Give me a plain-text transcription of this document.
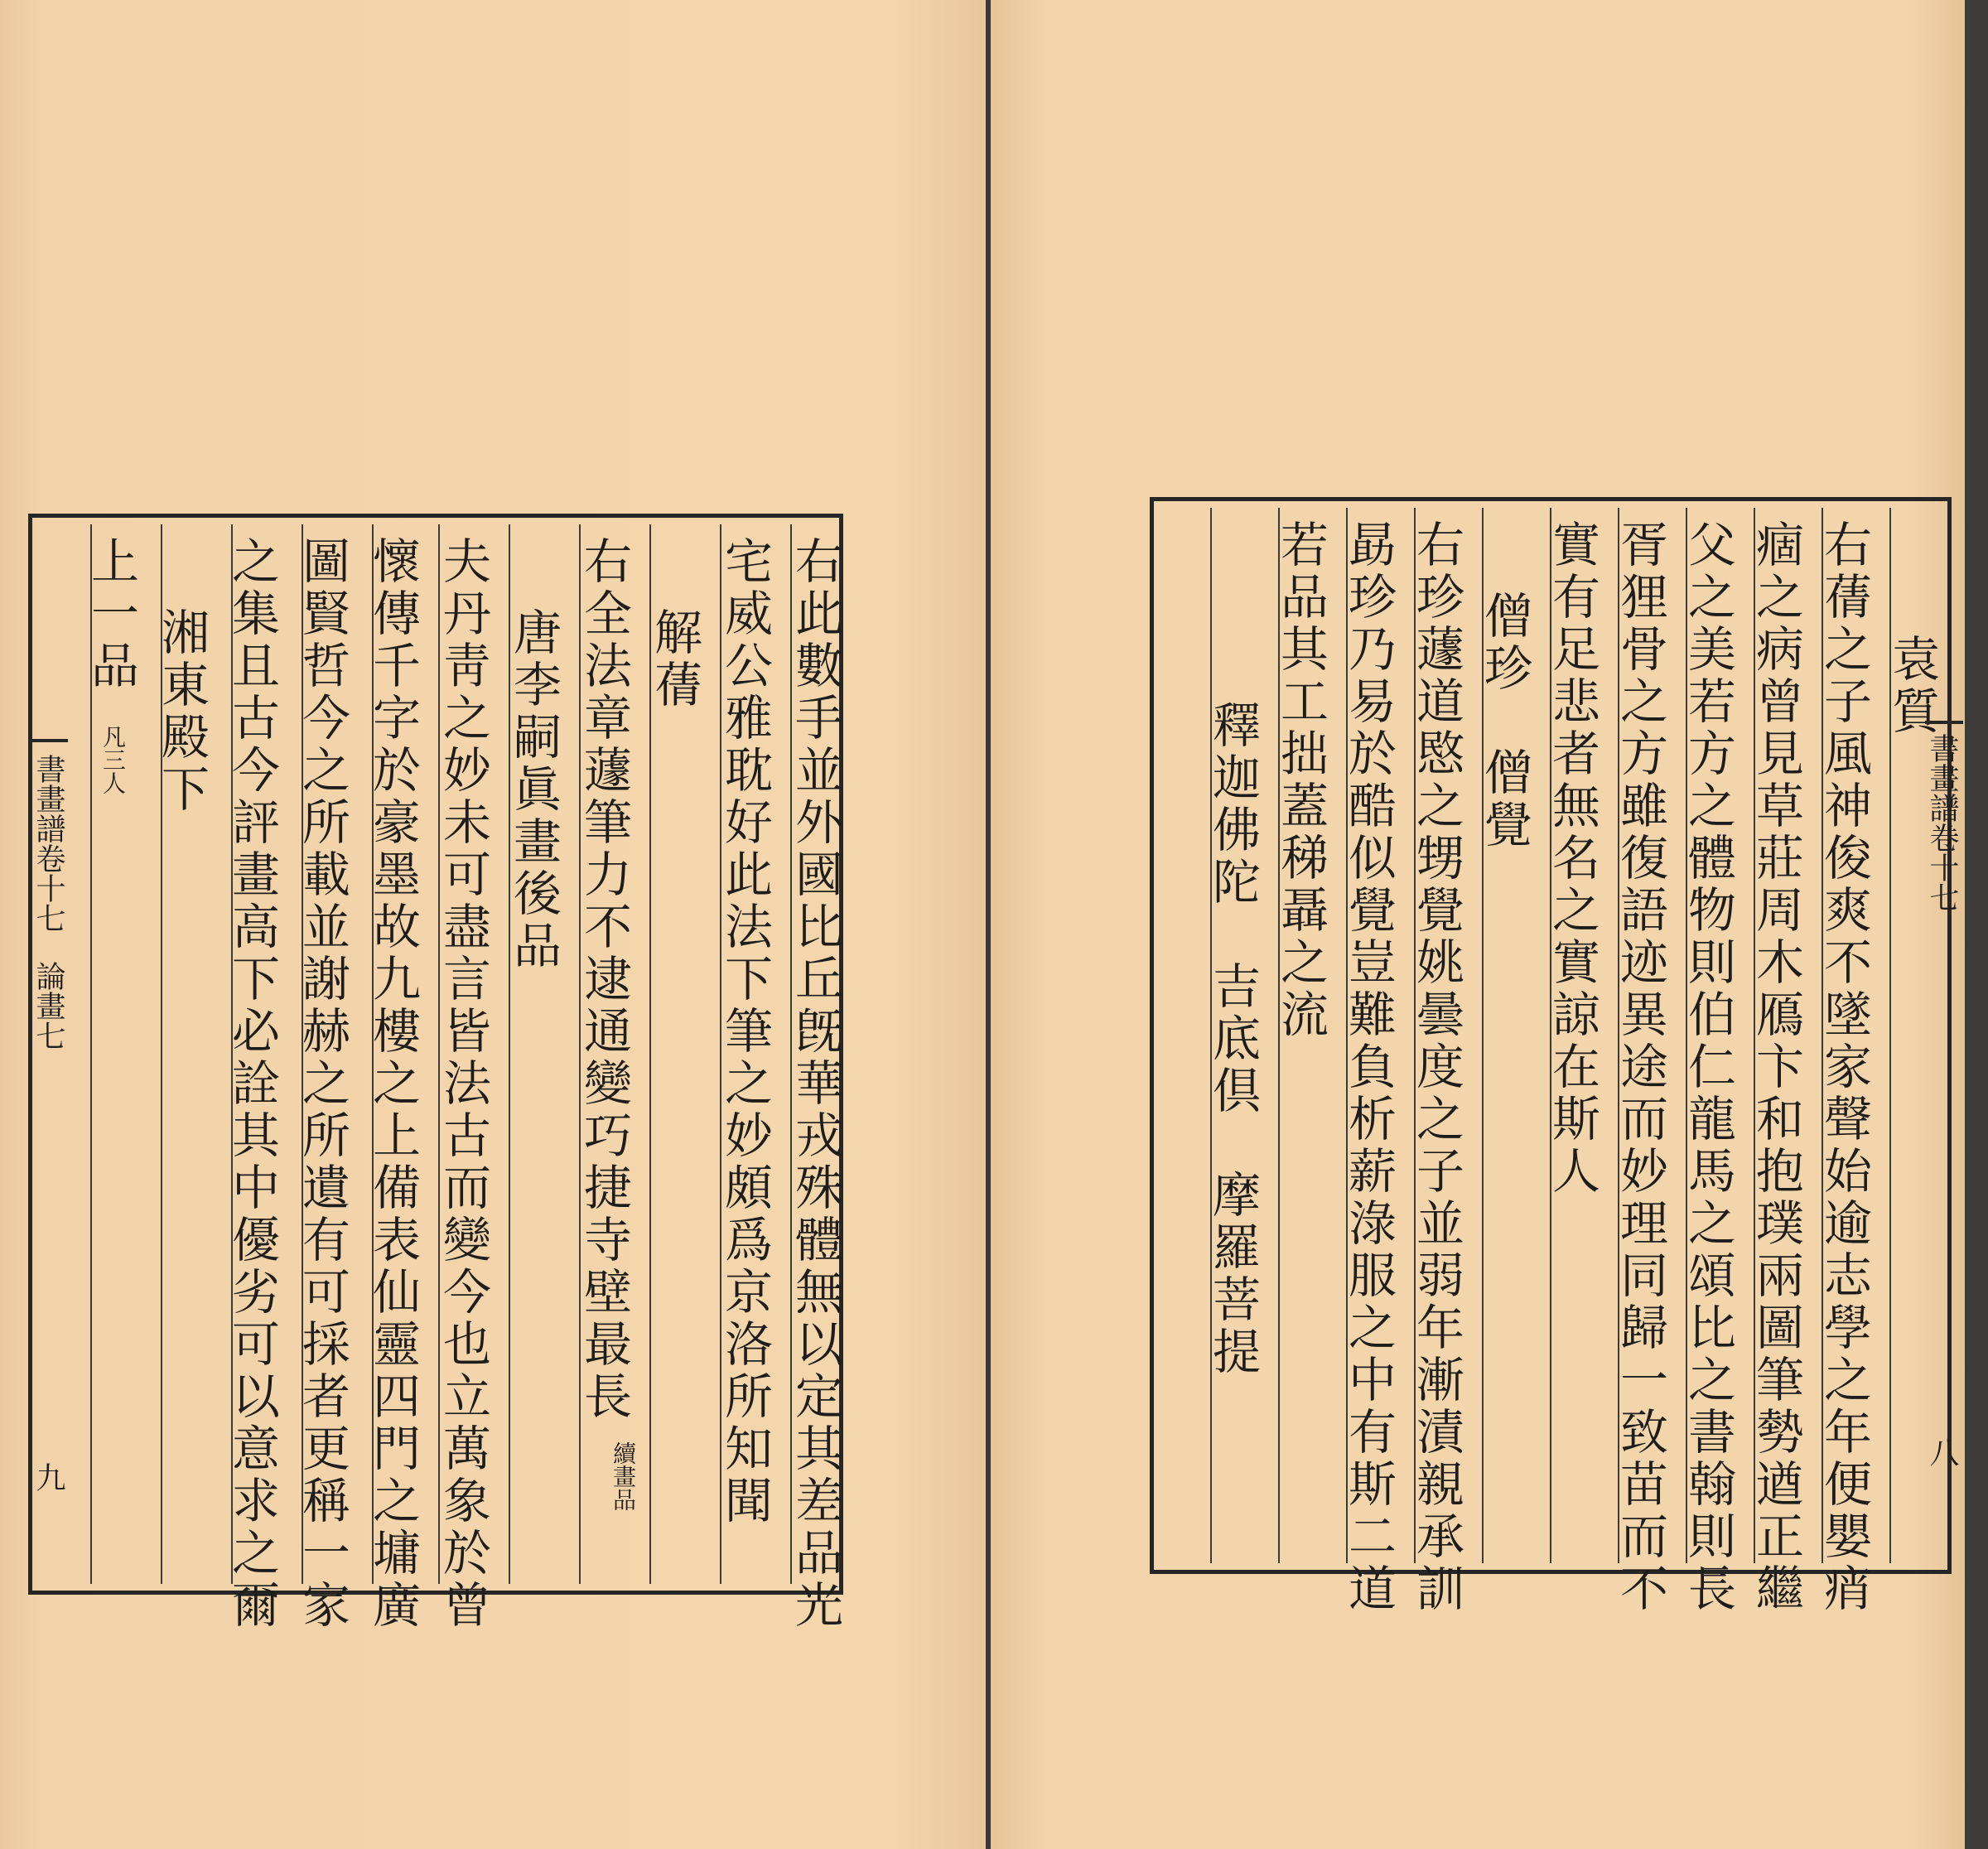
右此數手並外國比丘旣華戎殊體無以定其差品光
宅威公雅耽好此法下筆之妙頗爲京洛所知聞
解蒨
右全法章蘧筆力不逮通變巧捷寺壁最長
續畫品
唐李嗣眞畫後品
夫丹靑之妙未可盡言皆法古而變今也立萬象於曾
懷傳千字於豪墨故九樓之上備表仙靈四門之墉廣
圖賢哲今之所載並謝赫之所遺有可採者更稱一家
之集且古今評畫高下必詮其中優劣可以意求之爾
湘東殿下
上一品
凡三人
書畫譜卷十七
論畫七
九
袁質
右蒨之子風神俊爽不墜家聲始逾志學之年便嬰痟
痼之病曾見草莊周木鴈卞和抱璞兩圖筆勢遒正繼
父之美若方之體物則伯仁龍馬之頌比之書翰則長
胥狸骨之方雖復語迹異途而妙理同歸一致苗而不
實有足悲者無名之實諒在斯人
僧珍　僧覺
右珍蘧道愍之甥覺姚曇度之子並弱年漸漬親承訓
勗珍乃易於酷似覺豈難負析薪淥服之中有斯二道
若品其工拙蓋稊聶之流
釋迦佛陀　吉底倶　摩羅菩提	書畫譜卷十七
八
